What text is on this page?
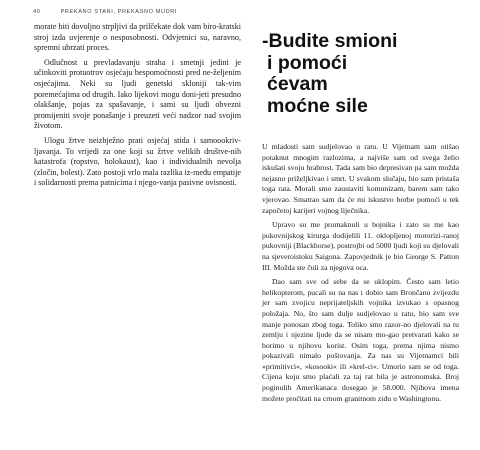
40	PREKANO STARI, PREKASNO MUDRI

morate biti dovoljno strpljivi da prilčekate dok vam biro-kratski stroj izda uvjerenje o nesposobnosti. Odvjetnici su, naravno, spremni ubrzati proces.

Odlučnost u prevladavanju straha i smetnji jedini je učinkoviti protuotrov osjećaju bespomoćnosti pred ne-željenim osjećajima. Neki su ljudi genetski skloniji tak-vim poremećajima od drugih. Iako lijekovi mogu doni-jeti presudno olakšanje, pojas za spašavanje, i sami su ljudi obvezni promijeniti svoje ponašanje i preuzeti veći nadzor nad svojim životom.

Ulogu žrtve neizbježno prati osjećaj stida i samoookriv-ljavanja. To vrijedi za one koji su žrtve velikih društve-nih katastrofa (ropstvo, holokaust), kao i individualnih nevolja (zločin, bolest). Zato postoji vrlo mala razlika iz-među empatije i solidarnosti prema patnicima i njego-vanja pasivne ovisnosti.

-Budite smioni
i pomoći
ćevam
moćne sile

U mladosti sam sudjelovao u ratu. U Vijetnam sam otišao potaknut mnogim razlozima, a najviše sam od svega želio iskušati svoju hrabrost. Tada sam bio depresivan pa sam možda nejasno priželjkivao i smrt. U svakom slučaju, bio sam pristaša toga rata. Morali smo zaustaviti komunizam, barem sam tako vjerovao. Smatrao sam da će mi iskustvo borbe pomoći u tek započetoj karijeri vojnog liječnika.

Upravo su me promaknuli u bojnika i zato su me kao pukovnijskog kirurga dodijelili 11. oklopljenoj motorizi-ranoj pukovniji (Blackhorse), postrojbi od 5000 ljudi koji su djelovali na sjeveroistoku Saigona. Zapovjednik je bio George S. Patton III. Možda ste čuli za njegova oca.

Dao sam sve od sebe da se uklopim. Često sam letio helikopterom, pucali su na nas i dobio sam Brončanu zvijezdu jer sam zvojicu neprijateljskih vojnika izvukao s opasnog položaja. No, što sam dulje sudjelovao u ratu, bio sam sve manje ponosan zbog toga. Toliko smo razor-no djelovali na tu zemlju i njezine ljude da se nisam mo-gao pretvarati kako se borimo u njihovu korist. Osim toga, prema njima nismo pokazivali nimalo poštovanja. Za nas su Vijetnamci bili »primitivci«, »kosooki« ili »krel-ci«. Umorio sam se od toga. Cijena koju smo plaćali za taj rat bila je astronomska. Broj poginulih Amerikanaca dosegao je 58.000. Njihova imena možete pročitati na crnom granitnom zidu u Washingtonu.
